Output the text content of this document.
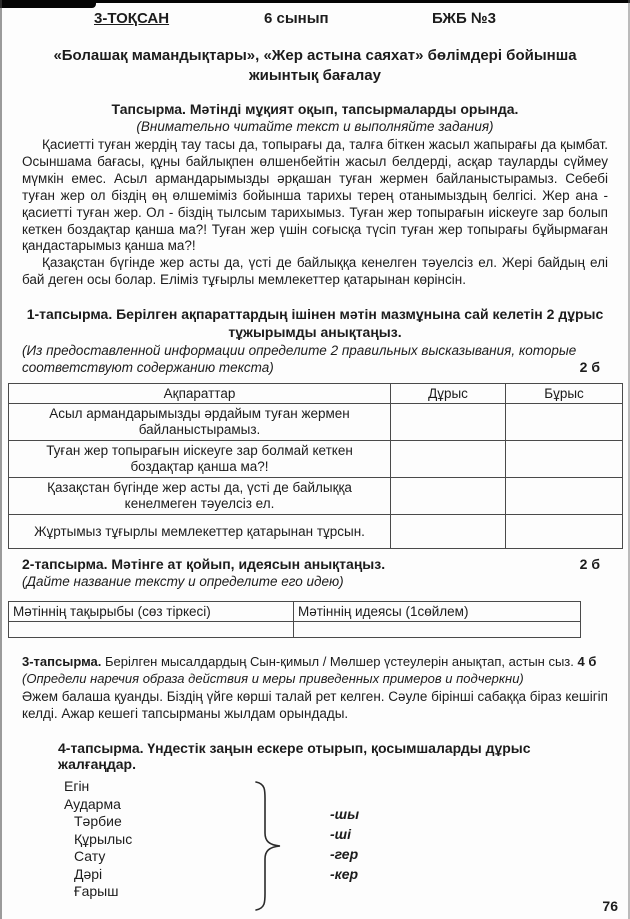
3-ТОҚСАН	6 сынып	БЖБ №3
«Болашақ мамандықтары», «Жер астына саяхат» бөлімдері бойынша жиынтық бағалау
Тапсырма. Мәтінді мұқият оқып, тапсырмаларды орында.
(Внимательно читайте текст и выполняйте задания)

Қасиетті туған жердің тау тасы да, топырағы да, талға біткен жасыл жапырағы да қымбат. Осыншама бағасы, құны байлықпен өлшенбейтін жасыл белдерді, асқар тауларды сүймеу мүмкін емес. Асыл армандарымызды әрқашан туған жермен байланыстырамыз. Себебі туған жер ол біздің өң өлшеміміз бойынша тарихы терең отанымыздың белгісі. Жер ана - қасиетті туған жер. Ол - біздің тылсым тарихымыз. Туған жер топырағын иіскеуге зар болып кеткен боздақтар қанша ма?! Туған жер үшін соғысқа түсіп туған жер топырағы бұйырмаған қандастарымыз қанша ма?!

Қазақстан бүгінде жер асты да, үсті де байлыққа кенелген тәуелсіз ел. Жері байдың елі бай деген осы болар. Еліміз тұғырлы мемлекеттер қатарынан көрінсін.

1-тапсырма. Берілген ақпараттардың ішінен мәтін мазмұнына сай келетін 2 дұрыс тұжырымды анықтаңыз.
(Из предоставленной информации определите 2 правильных высказывания, которые соответствуют содержанию текста)	2 б
Ақпараттар	Дұрыс	Бұрыс
Асыл армандарымызды әрдайым туған жермен байланыстырамыз.		
Туған жер топырағын иіскеуге зар болмай кеткен боздақтар қанша ма?!		
Қазақстан бүгінде жер асты да, үсті де байлыққа кенелмеген тәуелсіз ел.		
Жұртымыз тұғырлы мемлекеттер қатарынан тұрсын.		
2-тапсырма. Мәтінге ат қойып, идеясын анықтаңыз.	2 б
(Дайте название тексту и определите его идею)
Мәтіннің тақырыбы (сөз тіркесі)	Мәтіннің идеясы (1сөйлем)

3-тапсырма. Берілген мысалдардың Сын-қимыл / Мөлшер үстеулерін анықтап, астын сыз. 4 б
(Определи наречия образа действия и меры приведенных примеров и подчеркни)
Әжем балаша қуанды. Біздің үйге көрші талай рет келген. Сәуле бірінші сабаққа біраз кешігіп келді. Ажар кешегі тапсырманы жылдам орындады.
4-тапсырма. Үндестік заңын ескере отырып, қосымшаларды дұрыс жалғаңдар.
Егін
Аударма
Тәрбие
Құрылыс
Сату
Дәрі
Ғарыш
-шы
-ші
-гер
-кер
76
